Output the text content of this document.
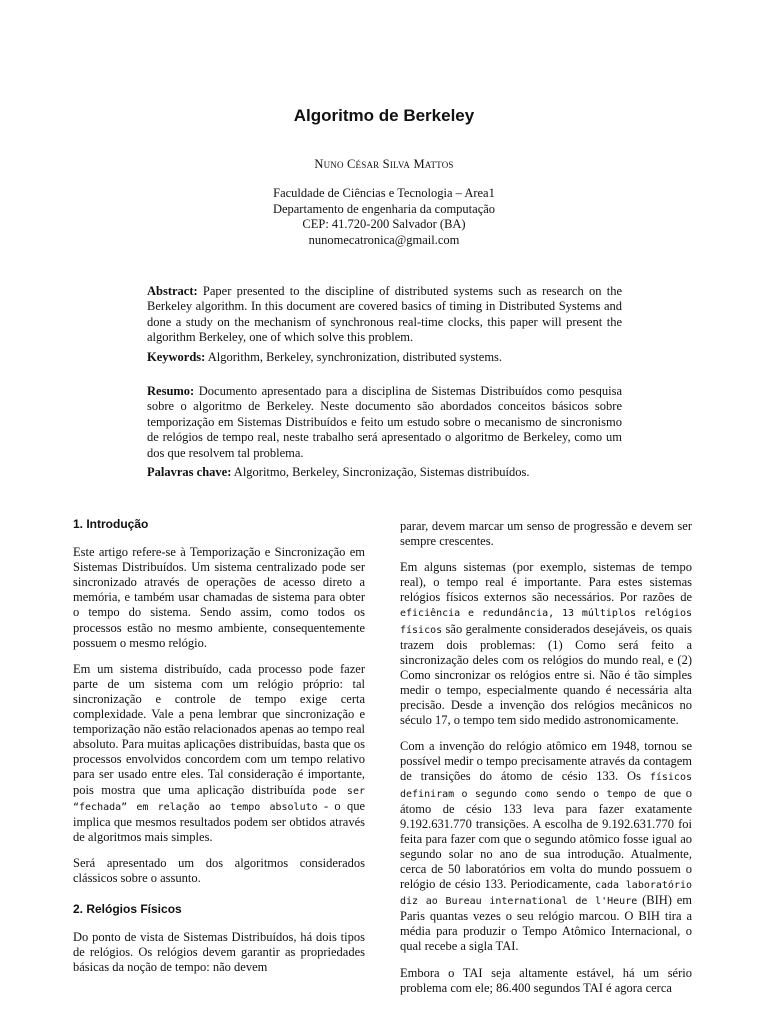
Algoritmo de Berkeley
Nuno César Silva Mattos
Faculdade de Ciências e Tecnologia – Area1
Departamento de engenharia da computação
CEP: 41.720-200 Salvador (BA)
nunomecatronica@gmail.com

Abstract: Paper presented to the discipline of distributed systems such as research on the Berkeley algorithm. In this document are covered basics of timing in Distributed Systems and done a study on the mechanism of synchronous real-time clocks, this paper will present the algorithm Berkeley, one of which solve this problem.

Keywords: Algorithm, Berkeley, synchronization, distributed systems.

Resumo: Documento apresentado para a disciplina de Sistemas Distribuídos como pesquisa sobre o algoritmo de Berkeley. Neste documento são abordados conceitos básicos sobre temporização em Sistemas Distribuídos e feito um estudo sobre o mecanismo de sincronismo de relógios de tempo real, neste trabalho será apresentado o algoritmo de Berkeley, como um dos que resolvem tal problema.

Palavras chave: Algoritmo, Berkeley, Sincronização, Sistemas distribuídos.

1. Introdução

Este artigo refere-se à Temporização e Sincronização em Sistemas Distribuídos. Um sistema centralizado pode ser sincronizado através de operações de acesso direto a memória, e também usar chamadas de sistema para obter o tempo do sistema. Sendo assim, como todos os processos estão no mesmo ambiente, consequentemente possuem o mesmo relógio.

Em um sistema distribuído, cada processo pode fazer parte de um sistema com um relógio próprio: tal sincronização e controle de tempo exige certa complexidade. Vale a pena lembrar que sincronização e temporização não estão relacionados apenas ao tempo real absoluto. Para muitas aplicações distribuídas, basta que os processos envolvidos concordem com um tempo relativo para ser usado entre eles. Tal consideração é importante, pois mostra que uma aplicação distribuída pode ser “fechada” em relação ao tempo absoluto - o que implica que mesmos resultados podem ser obtidos através de algoritmos mais simples.

Será apresentado um dos algoritmos considerados clássicos sobre o assunto.

2. Relógios Físicos

Do ponto de vista de Sistemas Distribuídos, há dois tipos de relógios. Os relógios devem garantir as propriedades básicas da noção de tempo: não devem

parar, devem marcar um senso de progressão e devem ser sempre crescentes.

Em alguns sistemas (por exemplo, sistemas de tempo real), o tempo real é importante. Para estes sistemas relógios físicos externos são necessários. Por razões de eficiência e redundância, 13 múltiplos relógios físicos são geralmente considerados desejáveis, os quais trazem dois problemas: (1) Como será feito a sincronização deles com os relógios do mundo real, e (2) Como sincronizar os relógios entre si. Não é tão simples medir o tempo, especialmente quando é necessária alta precisão. Desde a invenção dos relógios mecânicos no século 17, o tempo tem sido medido astronomicamente.

Com a invenção do relógio atômico em 1948, tornou se possível medir o tempo precisamente através da contagem de transições do átomo de césio 133. Os físicos definiram o segundo como sendo o tempo de que o átomo de césio 133 leva para fazer exatamente 9.192.631.770 transições. A escolha de 9.192.631.770 foi feita para fazer com que o segundo atômico fosse igual ao segundo solar no ano de sua introdução. Atualmente, cerca de 50 laboratórios em volta do mundo possuem o relógio de césio 133. Periodicamente, cada laboratório diz ao Bureau international de l'Heure (BIH) em Paris quantas vezes o seu relógio marcou. O BIH tira a média para produzir o Tempo Atômico Internacional, o qual recebe a sigla TAI.

Embora o TAI seja altamente estável, há um sério problema com ele; 86.400 segundos TAI é agora cerca
